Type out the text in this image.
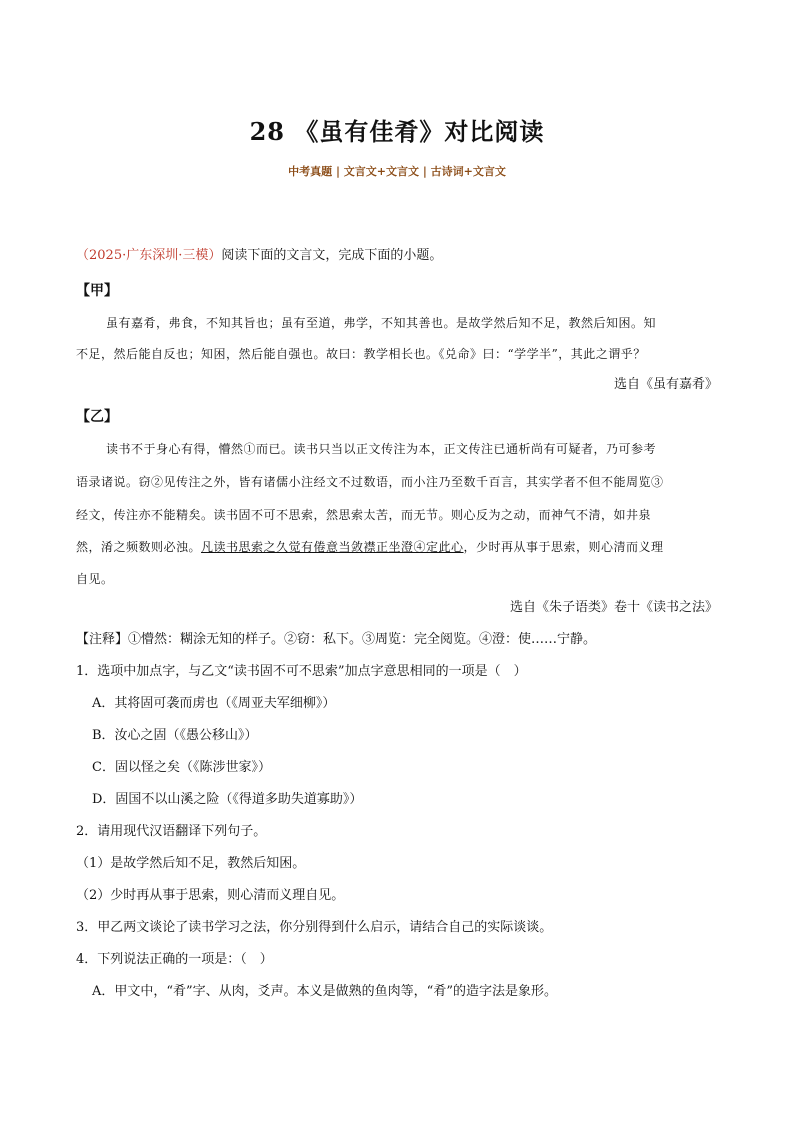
28 《虽有佳肴》对比阅读
中考真题 | 文言文+文言文 | 古诗词+文言文
（2025·广东深圳·三模）阅读下面的文言文，完成下面的小题。
【甲】
虽有嘉肴，弗食，不知其旨也；虽有至道，弗学，不知其善也。是故学然后知不足，教然后知困。知
不足，然后能自反也；知困，然后能自强也。故曰：教学相长也。《兑命》曰：“学学半”，其此之谓乎？
选自《虽有嘉肴》
【乙】
读书不于身心有得，懵然①而已。读书只当以正文传注为本，正文传注已通析尚有可疑者，乃可参考
语录诸说。窃②见传注之外，皆有诸儒小注经文不过数语，而小注乃至数千百言，其实学者不但不能周览③
经文，传注亦不能精矣。读书固不可不思索，然思索太苦，而无节。则心反为之动，而神气不清，如井泉
然，淆之频数则必浊。凡读书思索之久觉有倦意当敛襟正坐澄④定此心，少时再从事于思索，则心清而义理
自见。
选自《朱子语类》卷十《读书之法》
【注释】①懵然：糊涂无知的样子。②窃：私下。③周览：完全阅览。④澄：使……宁静。
1．选项中加点字，与乙文“读书固不可不思索”加点字意思相同的一项是（　）
A．其将固可袭而虏也（《周亚夫军细柳》）
B．汝心之固（《愚公移山》）
C．固以怪之矣（《陈涉世家》）
D．固国不以山溪之险（《得道多助失道寡助》）
2．请用现代汉语翻译下列句子。
（1）是故学然后知不足，教然后知困。
（2）少时再从事于思索，则心清而义理自见。
3．甲乙两文谈论了读书学习之法，你分别得到什么启示，请结合自己的实际谈谈。
4．下列说法正确的一项是：（　）
A．甲文中，“肴”字、从肉，爻声。本义是做熟的鱼肉等，“肴”的造字法是象形。
